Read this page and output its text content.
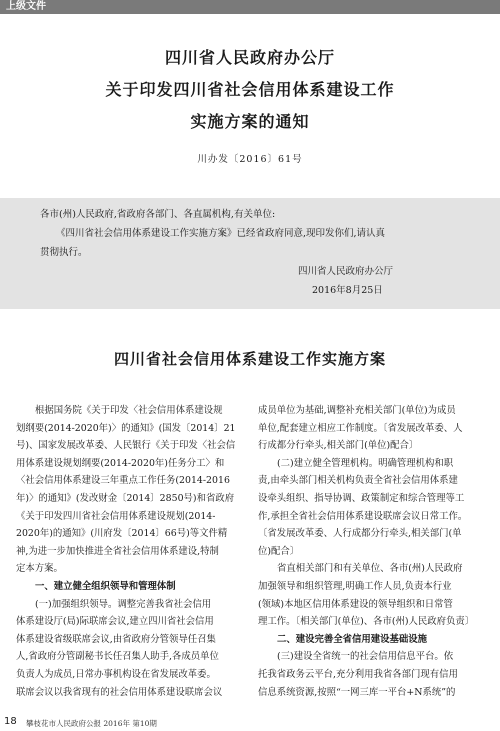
上级文件
四川省人民政府办公厅
关于印发四川省社会信用体系建设工作
实施方案的通知
川办发〔2016〕61号
各市(州)人民政府,省政府各部门、各直属机构,有关单位:
《四川省社会信用体系建设工作实施方案》已经省政府同意,现印发你们,请认真
贯彻执行。
四川省人民政府办公厅
2016年8月25日
四川省社会信用体系建设工作实施方案
根据国务院《关于印发〈社会信用体系建设规
划纲要(2014-2020年)〉的通知》(国发〔2014〕21
号)、国家发展改革委、人民银行《关于印发〈社会信
用体系建设规划纲要(2014-2020年)任务分工〉和
〈社会信用体系建设三年重点工作任务(2014-2016
年)〉的通知》(发改财金〔2014〕2850号)和省政府
《关于印发四川省社会信用体系建设规划(2014-
2020年)的通知》(川府发〔2014〕66号)等文件精
神,为进一步加快推进全省社会信用体系建设,特制
定本方案。
一、建立健全组织领导和管理体制
(一)加强组织领导。调整完善我省社会信用
体系建设厅(局)际联席会议,建立四川省社会信用
体系建设省级联席会议,由省政府分管领导任召集
人,省政府分管副秘书长任召集人助手,各成员单位
负责人为成员,日常办事机构设在省发展改革委。
联席会议以我省现有的社会信用体系建设联席会议
成员单位为基础,调整补充相关部门(单位)为成员
单位,配套建立相应工作制度。〔省发展改革委、人
行成都分行牵头,相关部门(单位)配合〕
(二)建立健全管理机构。明确管理机构和职
责,由牵头部门相关机构负责全省社会信用体系建
设牵头组织、指导协调、政策制定和综合管理等工
作,承担全省社会信用体系建设联席会议日常工作。
〔省发展改革委、人行成都分行牵头,相关部门(单
位)配合〕
省直相关部门和有关单位、各市(州)人民政府
加强领导和组织管理,明确工作人员,负责本行业
(领域)本地区信用体系建设的领导组织和日常管
理工作。〔相关部门(单位)、各市(州)人民政府负责〕
二、建设完善全省信用建设基础设施
(三)建设全省统一的社会信用信息平台。依
托我省政务云平台,充分利用我省各部门现有信用
信息系统资源,按照“一网三库一平台+N系统”的
18 攀枝花市人民政府公报 2016年 第10期
